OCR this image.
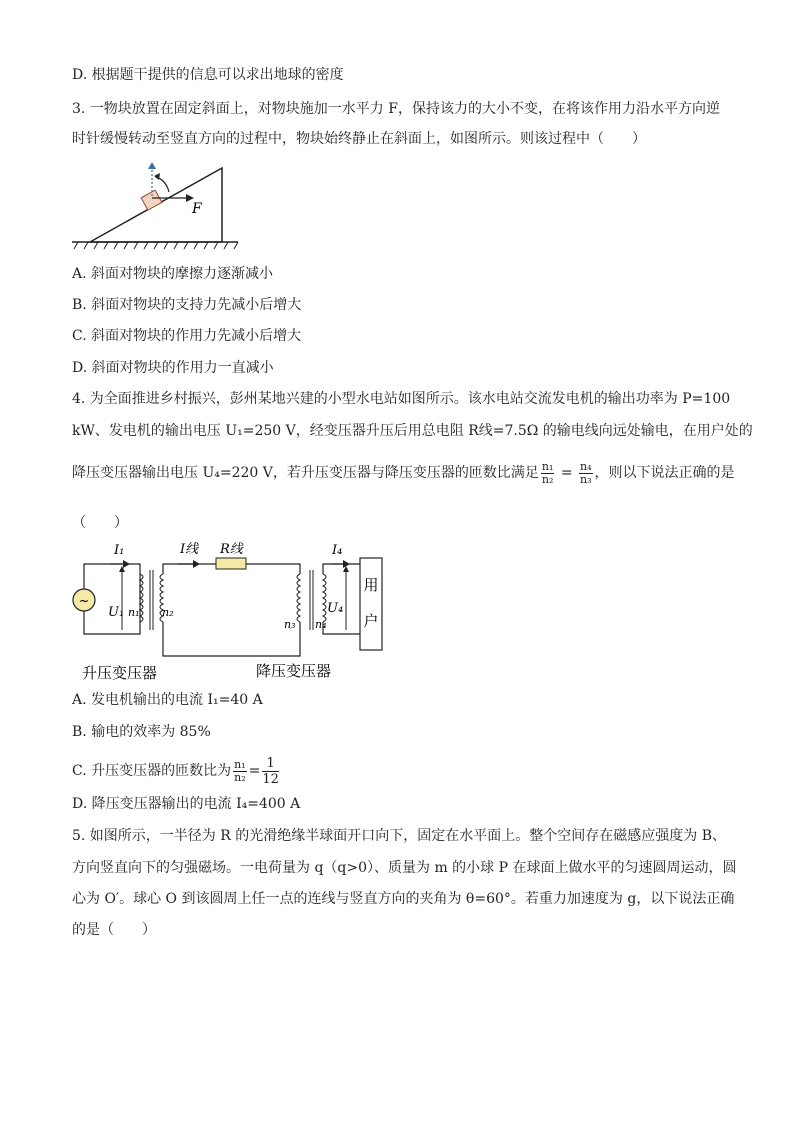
D. 根据题干提供的信息可以求出地球的密度
3. 一物块放置在固定斜面上，对物块施加一水平力 F，保持该力的大小不变，在将该作用力沿水平方向逆
时针缓慢转动至竖直方向的过程中，物块始终静止在斜面上，如图所示。则该过程中（　　）
F
A. 斜面对物块的摩擦力逐渐减小
B. 斜面对物块的支持力先减小后增大
C. 斜面对物块的作用力先减小后增大
D. 斜面对物块的作用力一直减小
4. 为全面推进乡村振兴，彭州某地兴建的小型水电站如图所示。该水电站交流发电机的输出功率为 P=100
kW、发电机的输出电压 U₁=250 V，经变压器升压后用总电阻 R线=7.5Ω 的输电线向远处输电，在用户处的
降压变压器输出电压 U₄=220 V，若升压变压器与降压变压器的匝数比满足 $\frac{\text{n₁}}{\text{n₂}} = \frac{\text{n₄}}{\text{n₃}}$ ，则以下说法正确的是
（　　）
~
I₁
U₁ n₁ n₂
I线 R线
n₃ n₄
I₄
U₄
用
户
升压变压器	降压变压器
A. 发电机输出的电流 I₁=40 A
B. 输电的效率为 85%
C. 升压变压器的匝数比为 $\frac{\text{n₁}}{\text{n₂}} = \frac{1}{12}$
D. 降压变压器输出的电流 I₄=400 A
5. 如图所示，一半径为 R 的光滑绝缘半球面开口向下，固定在水平面上。整个空间存在磁感应强度为 B、
方向竖直向下的匀强磁场。一电荷量为 q（q>0）、质量为 m 的小球 P 在球面上做水平的匀速圆周运动，圆
心为 O′。球心 O 到该圆周上任一点的连线与竖直方向的夹角为 θ=60°。若重力加速度为 g，以下说法正确
的是（　　）
